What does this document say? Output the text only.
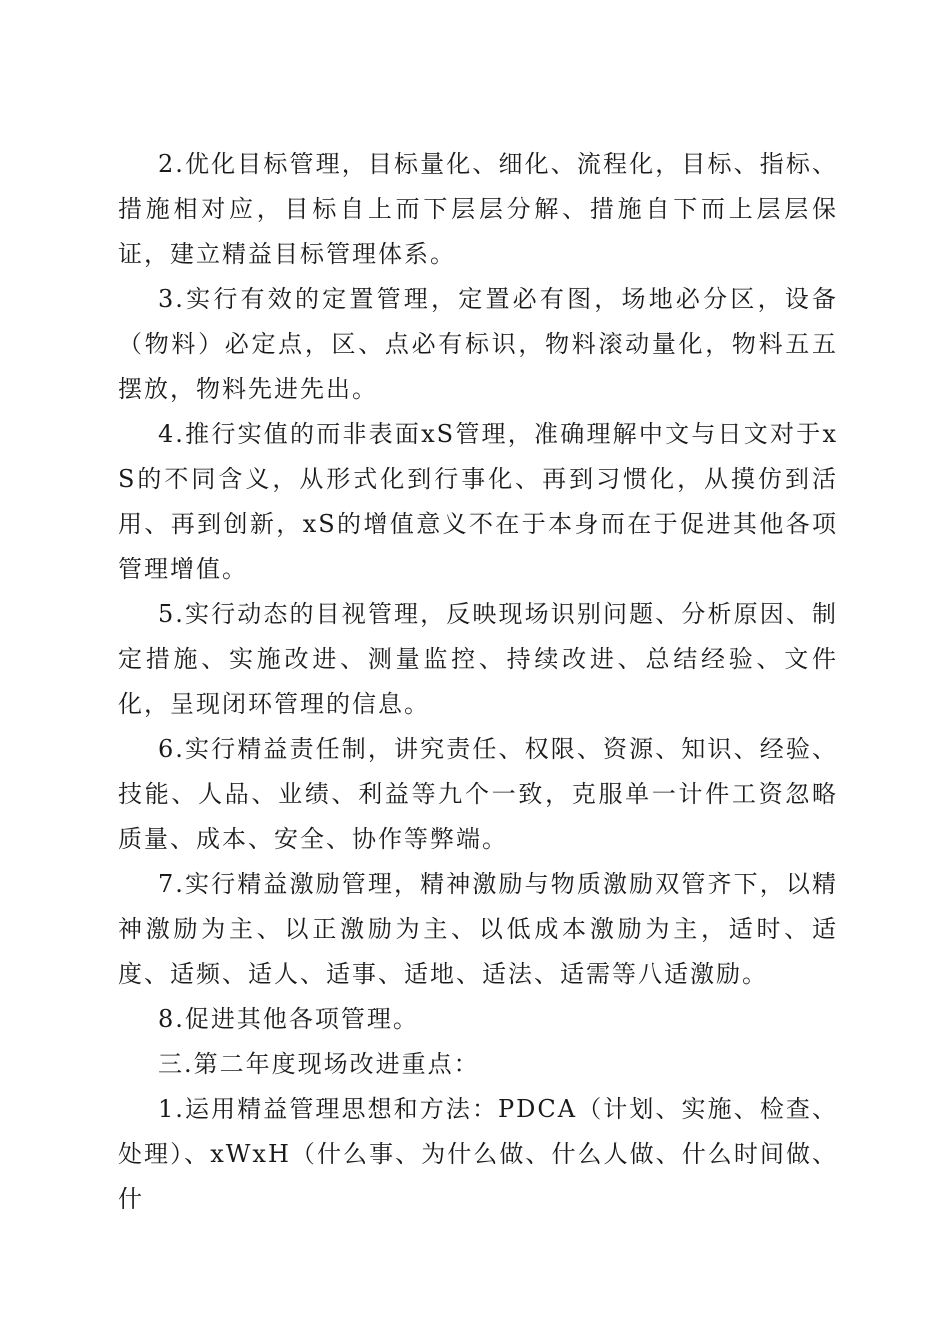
2.优化目标管理，目标量化、细化、流程化，目标、指标、措施相对应，目标自上而下层层分解、措施自下而上层层保证，建立精益目标管理体系。

3.实行有效的定置管理，定置必有图，场地必分区，设备（物料）必定点，区、点必有标识，物料滚动量化，物料五五摆放，物料先进先出。

4.推行实值的而非表面xS管理，准确理解中文与日文对于xS的不同含义，从形式化到行事化、再到习惯化，从摸仿到活用、再到创新，xS的增值意义不在于本身而在于促进其他各项管理增值。

5.实行动态的目视管理，反映现场识别问题、分析原因、制定措施、实施改进、测量监控、持续改进、总结经验、文件化，呈现闭环管理的信息。

6.实行精益责任制，讲究责任、权限、资源、知识、经验、技能、人品、业绩、利益等九个一致，克服单一计件工资忽略质量、成本、安全、协作等弊端。

7.实行精益激励管理，精神激励与物质激励双管齐下，以精神激励为主、以正激励为主、以低成本激励为主，适时、适度、适频、适人、适事、适地、适法、适需等八适激励。

8.促进其他各项管理。

三.第二年度现场改进重点：

1.运用精益管理思想和方法：PDCA（计划、实施、检查、处理）、xWxH（什么事、为什么做、什么人做、什么时间做、什
